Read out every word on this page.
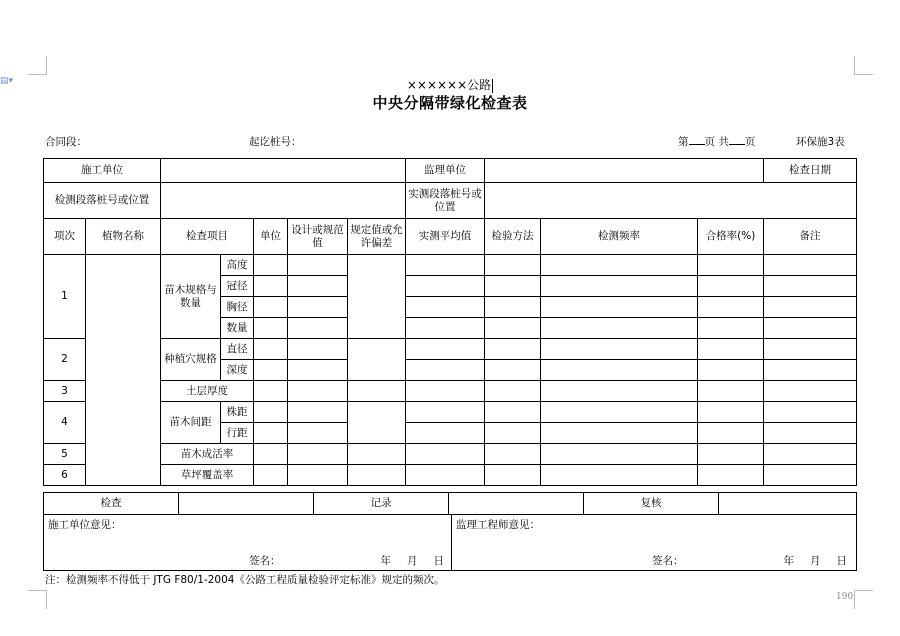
▤▾	××××××公路
中央分隔带绿化检查表
合同段：	起讫桩号：	第 页 共 页	环保施3表
施工单位							监理单位				检查日期	
检测段落桩号或位置							实测段落桩号或位置					
项次	植物名称	检查项目		单位	设计或规范值	规定值或允许偏差	实测平均值	检验方法	检测频率	合格率(%)	备注	
1		苗木规格与数量	高度									
			冠径									
			胸径									
			数量									
2		种植穴规格	直径									
			深度									
3		土层厚度										
4		苗木间距	株距									
			行距									
5		苗木成活率										
6		草坪覆盖率										
检查		记录		复核	
施工单位意见：
签名：	年 月 日

监理工程师意见：
签名：	年 月 日
注：检测频率不得低于 JTG F80/1-2004《公路工程质量检验评定标准》规定的频次。
190
